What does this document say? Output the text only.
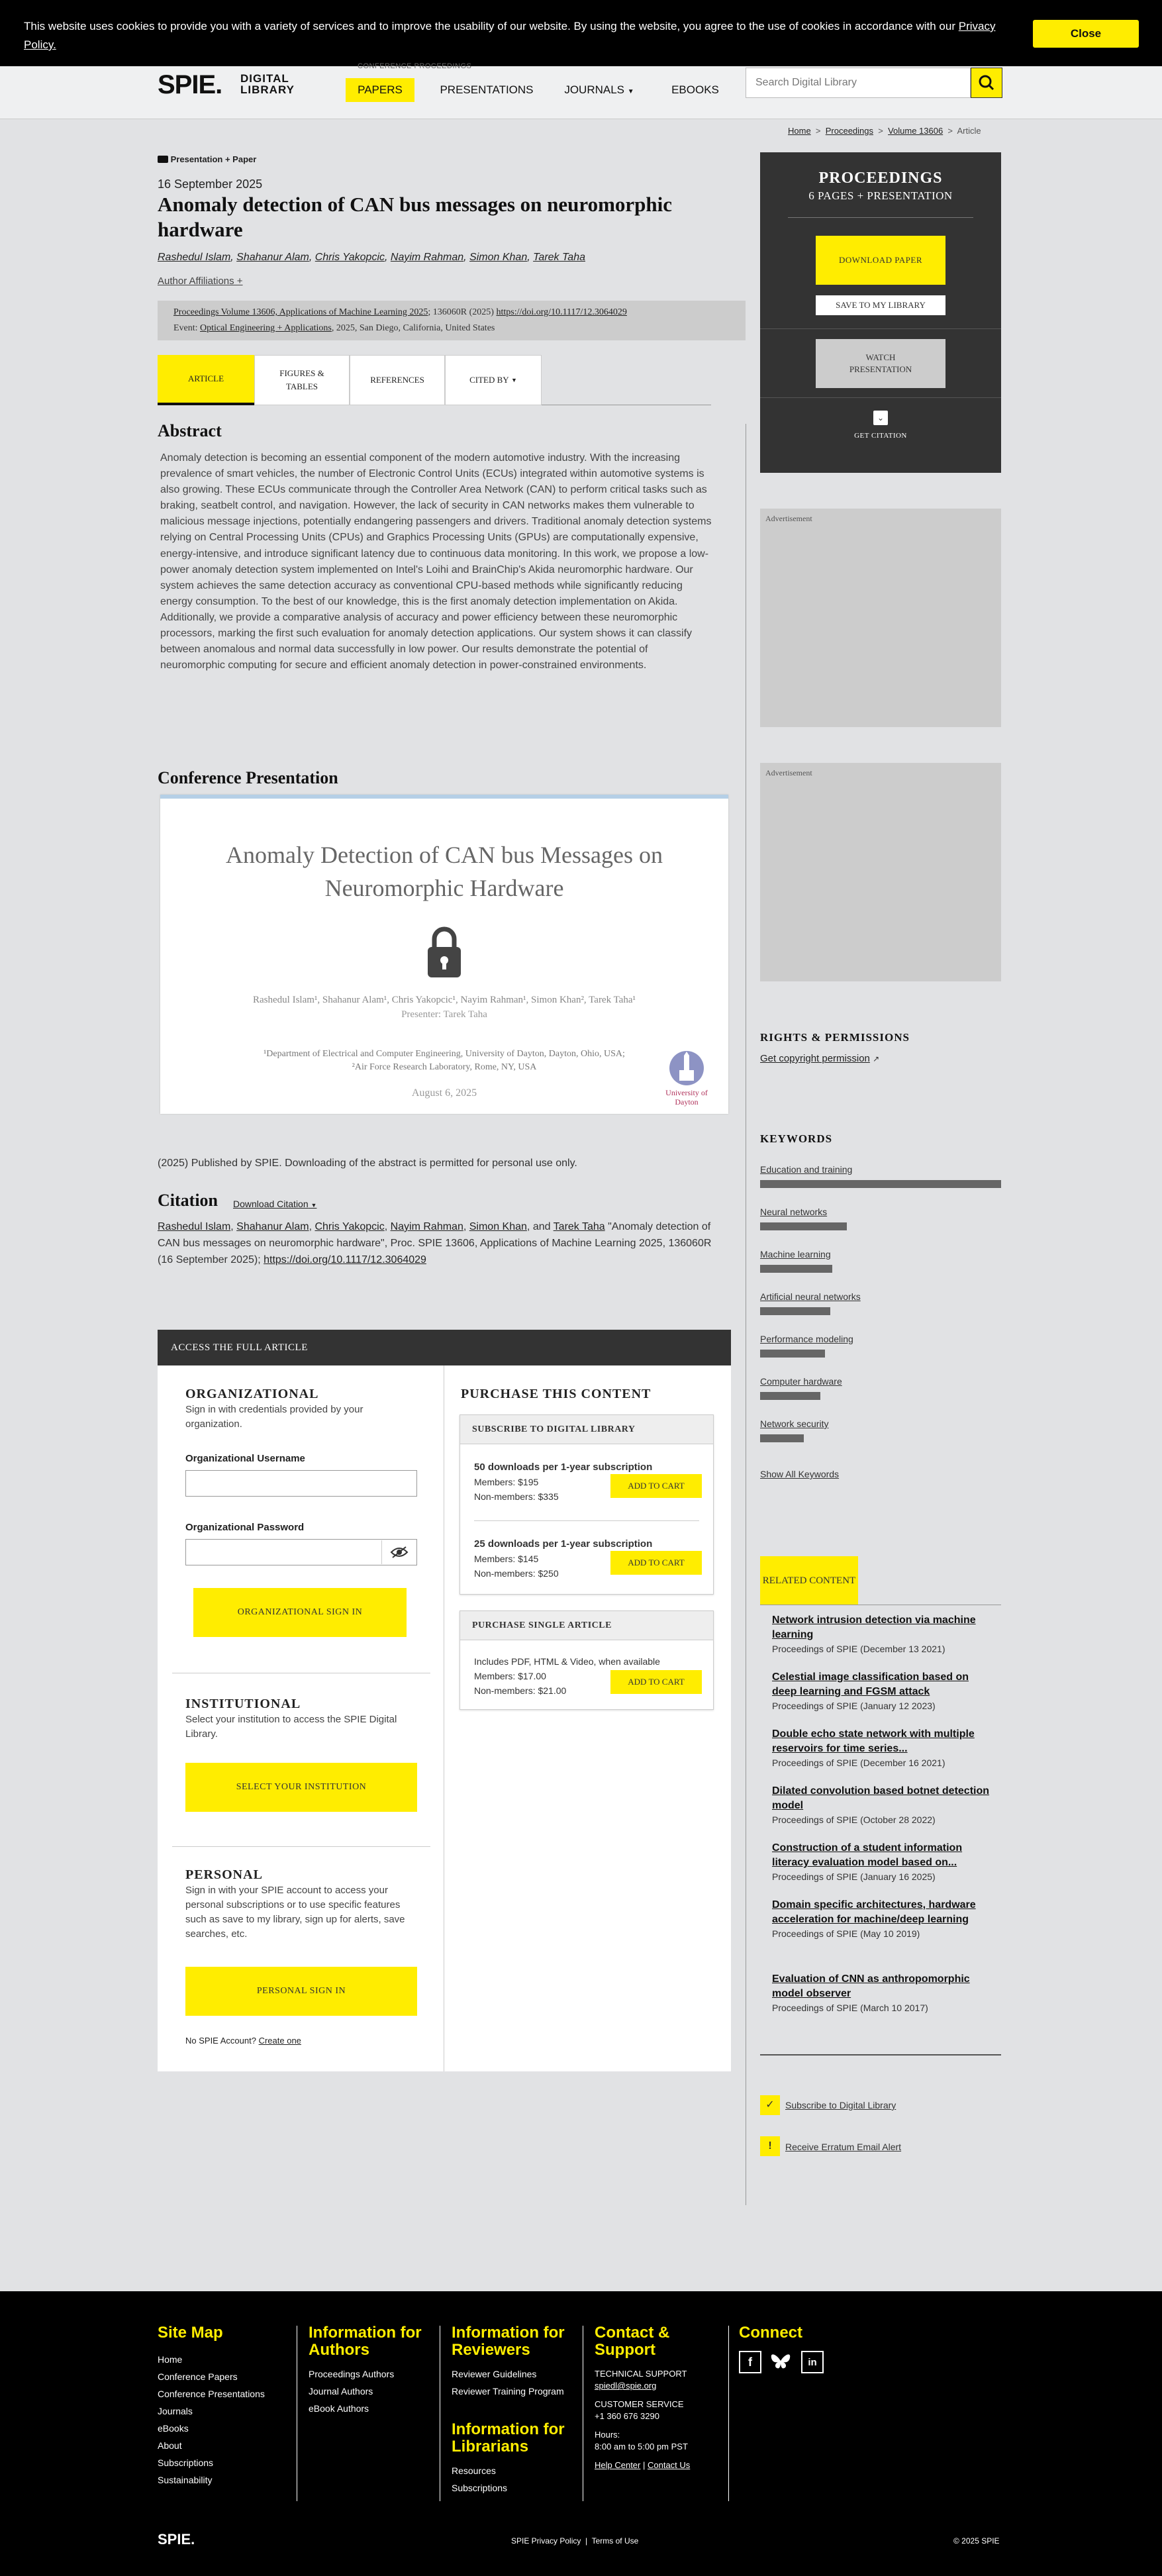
This website uses cookies to provide you with a variety of services and to improve the usability of our website. By using the website, you agree to the use of cookies in accordance with our Privacy Policy.
Close
SPIE. DIGITAL
LIBRARY
CONFERENCE PROCEEDINGS
PAPERS	PRESENTATIONS	JOURNALS ▼	EBOOKS
Search Digital Library
Home  >  Proceedings  >  Volume 13606  >  Article
Presentation + Paper
16 September 2025
Anomaly detection of CAN bus messages on neuromorphic hardware
Rashedul Islam, Shahanur Alam, Chris Yakopcic, Nayim Rahman, Simon Khan, Tarek Taha
Author Affiliations +
Proceedings Volume 13606, Applications of Machine Learning 2025; 136060R (2025) https://doi.org/10.1117/12.3064029
Event: Optical Engineering + Applications, 2025, San Diego, California, United States
ARTICLE
FIGURES & TABLES
REFERENCES	CITED BY
▼
Abstract
Anomaly detection is becoming an essential component of the modern automotive industry. With the increasing prevalence of smart vehicles, the number of Electronic Control Units (ECUs) integrated within automotive systems is also growing. These ECUs communicate through the Controller Area Network (CAN) to perform critical tasks such as braking, seatbelt control, and navigation. However, the lack of security in CAN networks makes them vulnerable to malicious message injections, potentially endangering passengers and drivers. Traditional anomaly detection systems relying on Central Processing Units (CPUs) and Graphics Processing Units (GPUs) are computationally expensive, energy-intensive, and introduce significant latency due to continuous data monitoring. In this work, we propose a low-power anomaly detection system implemented on Intel's Loihi and BrainChip's Akida neuromorphic hardware. Our system achieves the same detection accuracy as conventional CPU-based methods while significantly reducing energy consumption. To the best of our knowledge, this is the first anomaly detection implementation on Akida. Additionally, we provide a comparative analysis of accuracy and power efficiency between these neuromorphic processors, marking the first such evaluation for anomaly detection applications. Our system shows it can classify between anomalous and normal data successfully in low power. Our results demonstrate the potential of neuromorphic computing for secure and efficient anomaly detection in power-constrained environments.
Conference Presentation
Anomaly Detection of CAN bus Messages on
Neuromorphic Hardware
Rashedul Islam¹, Shahanur Alam¹, Chris Yakopcic¹, Nayim Rahman¹, Simon Khan², Tarek Taha¹
Presenter: Tarek Taha
¹Department of Electrical and Computer Engineering, University of Dayton, Dayton, Ohio, USA;
²Air Force Research Laboratory, Rome, NY, USA
August 6, 2025	University of
Dayton
(2025) Published by SPIE. Downloading of the abstract is permitted for personal use only.
Citation Download Citation ▼
Rashedul Islam, Shahanur Alam, Chris Yakopcic, Nayim Rahman, Simon Khan, and Tarek Taha "Anomaly detection of CAN bus messages on neuromorphic hardware", Proc. SPIE 13606, Applications of Machine Learning 2025, 136060R (16 September 2025); https://doi.org/10.1117/12.3064029
ACCESS THE FULL ARTICLE
ORGANIZATIONAL
Sign in with credentials provided by your organization.
Organizational Username
Organizational Password
ORGANIZATIONAL SIGN IN
INSTITUTIONAL
Select your institution to access the SPIE Digital Library.
SELECT YOUR INSTITUTION
PERSONAL
Sign in with your SPIE account to access your personal subscriptions or to use specific features such as save to my library, sign up for alerts, save searches, etc.
PERSONAL SIGN IN
No SPIE Account? Create one
PURCHASE THIS CONTENT
SUBSCRIBE TO DIGITAL LIBRARY
50 downloads per 1-year subscription
Members: $195
Non-members: $335
ADD TO CART
25 downloads per 1-year subscription
Members: $145
Non-members: $250
ADD TO CART
PURCHASE SINGLE ARTICLE
Includes PDF, HTML & Video, when available
Members: $17.00
Non-members: $21.00
ADD TO CART
PROCEEDINGS
6 PAGES + PRESENTATION
DOWNLOAD PAPER
SAVE TO MY LIBRARY
WATCH
PRESENTATION
⌄
GET CITATION
Advertisement
Advertisement
RIGHTS & PERMISSIONS
Get copyright permission ↗
KEYWORDS
Education and training
Neural networks
Machine learning
Artificial neural networks
Performance modeling
Computer hardware
Network security
Show All Keywords
RELATED CONTENT
Network intrusion detection via machine learning
Proceedings of SPIE (December 13 2021)
Celestial image classification based on deep learning and FGSM attack
Proceedings of SPIE (January 12 2023)
Double echo state network with multiple reservoirs for time series...
Proceedings of SPIE (December 16 2021)
Dilated convolution based botnet detection model
Proceedings of SPIE (October 28 2022)
Construction of a student information literacy evaluation model based on...
Proceedings of SPIE (January 16 2025)
Domain specific architectures, hardware acceleration for machine/deep learning
Proceedings of SPIE (May 10 2019)
Evaluation of CNN as anthropomorphic model observer
Proceedings of SPIE (March 10 2017)
✓	Subscribe to Digital Library
!	Receive Erratum Email Alert
Site Map
Home
Conference Papers
Conference Presentations
Journals
eBooks
About
Subscriptions
Sustainability
Information for
Authors
Proceedings Authors
Journal Authors
eBook Authors
Information for
Reviewers
Reviewer Guidelines
Reviewer Training Program
Information for
Librarians
Resources
Subscriptions
Contact &
Support
TECHNICAL SUPPORT
spiedl@spie.org
CUSTOMER SERVICE
+1 360 676 3290
Hours:
8:00 am to 5:00 pm PST
Help Center | Contact Us
Connect
f	in
SPIE.	SPIE Privacy Policy  |  Terms of Use	© 2025 SPIE
